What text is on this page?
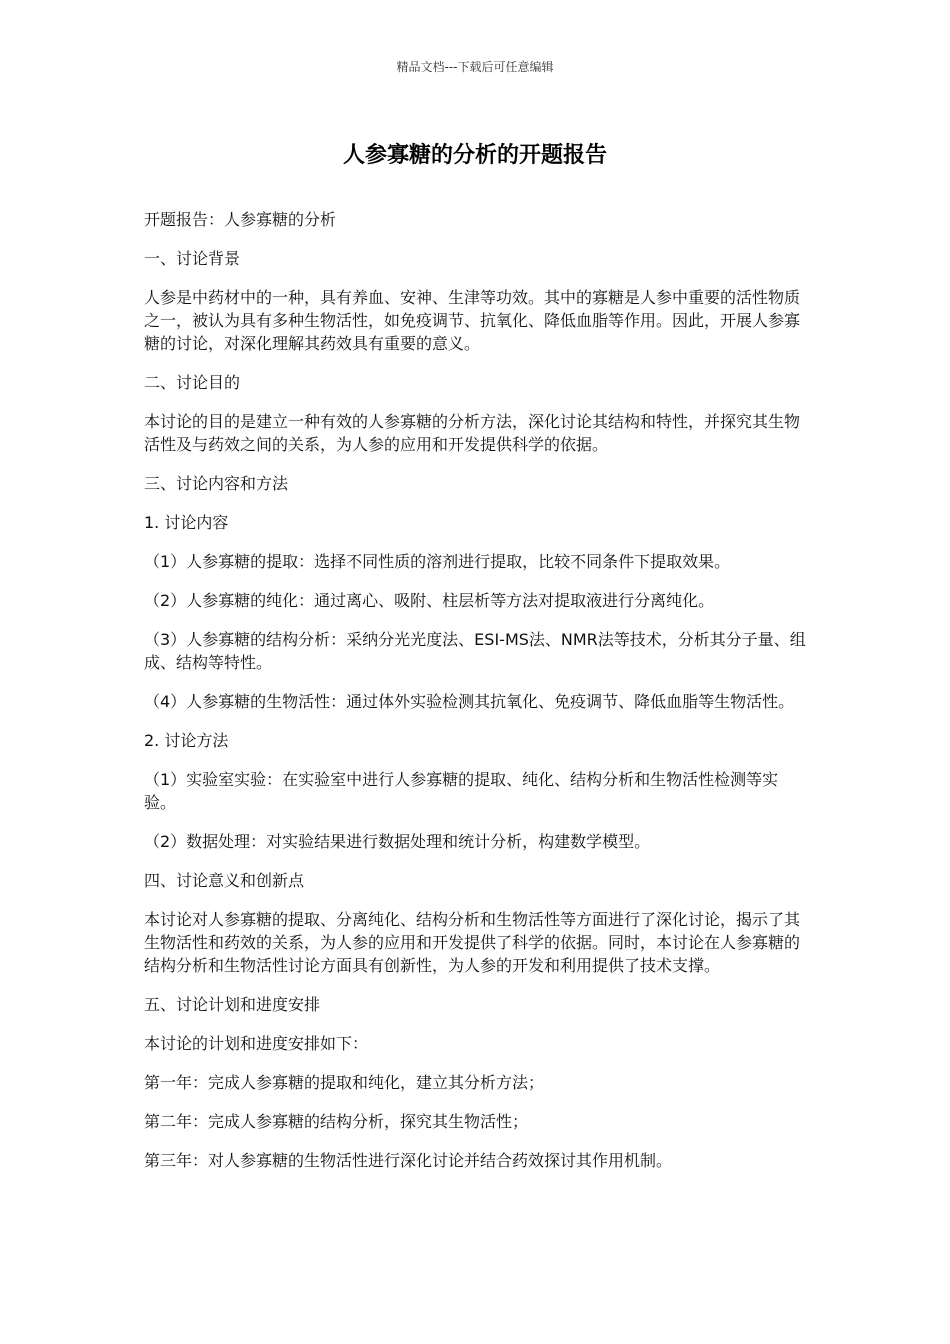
精品文档---下载后可任意编辑
人参寡糖的分析的开题报告

开题报告：人参寡糖的分析

一、讨论背景

人参是中药材中的一种，具有养血、安神、生津等功效。其中的寡糖是人参中重要的活性物质之一，被认为具有多种生物活性，如免疫调节、抗氧化、降低血脂等作用。因此，开展人参寡糖的讨论，对深化理解其药效具有重要的意义。

二、讨论目的

本讨论的目的是建立一种有效的人参寡糖的分析方法，深化讨论其结构和特性，并探究其生物活性及与药效之间的关系，为人参的应用和开发提供科学的依据。

三、讨论内容和方法

1. 讨论内容

（1）人参寡糖的提取：选择不同性质的溶剂进行提取，比较不同条件下提取效果。

（2）人参寡糖的纯化：通过离心、吸附、柱层析等方法对提取液进行分离纯化。

（3）人参寡糖的结构分析：采纳分光光度法、ESI-MS法、NMR法等技术，分析其分子量、组成、结构等特性。

（4）人参寡糖的生物活性：通过体外实验检测其抗氧化、免疫调节、降低血脂等生物活性。

2. 讨论方法

（1）实验室实验：在实验室中进行人参寡糖的提取、纯化、结构分析和生物活性检测等实验。

（2）数据处理：对实验结果进行数据处理和统计分析，构建数学模型。

四、讨论意义和创新点

本讨论对人参寡糖的提取、分离纯化、结构分析和生物活性等方面进行了深化讨论，揭示了其生物活性和药效的关系，为人参的应用和开发提供了科学的依据。同时，本讨论在人参寡糖的结构分析和生物活性讨论方面具有创新性，为人参的开发和利用提供了技术支撑。

五、讨论计划和进度安排

本讨论的计划和进度安排如下：

第一年：完成人参寡糖的提取和纯化，建立其分析方法；

第二年：完成人参寡糖的结构分析，探究其生物活性；

第三年：对人参寡糖的生物活性进行深化讨论并结合药效探讨其作用机制。
